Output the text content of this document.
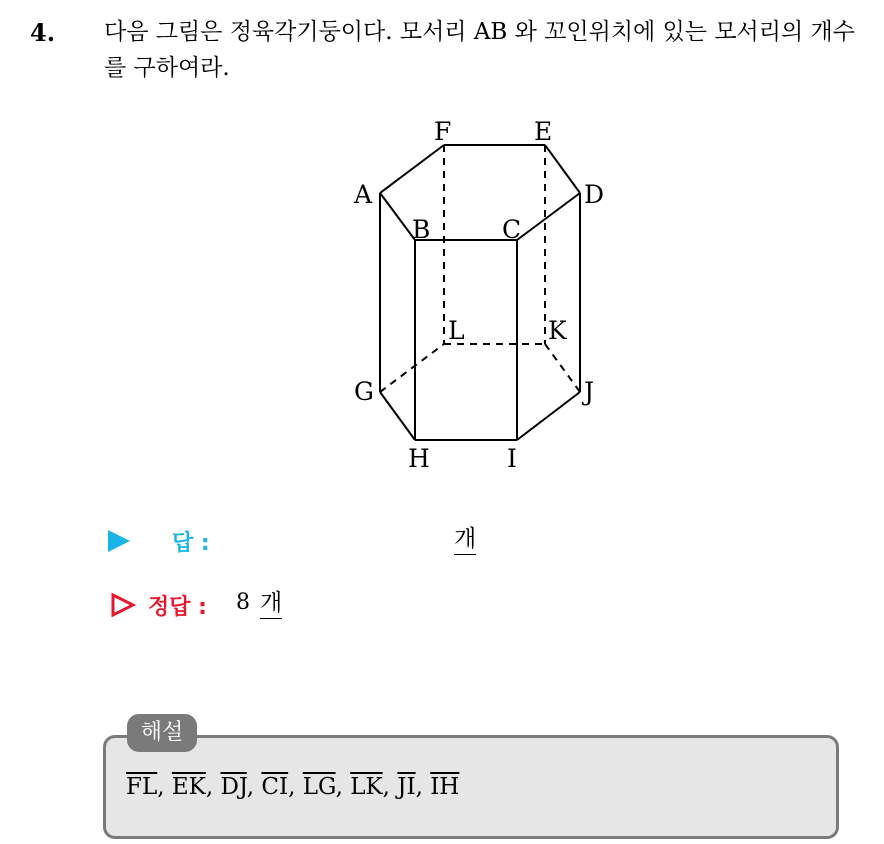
4. 다음 그림은 정육각기둥이다. 모서리 AB 와 꼬인위치에 있는 모서리의 개수를 구하여라.
F	E
A	D
B	C
L	K
G	J
H	I
답 :	개
정답 : 8 개
해설
$\overline{FL}$, $\overline{EK}$, $\overline{DJ}$, $\overline{CI}$, $\overline{LG}$, $\overline{LK}$, $\overline{JI}$, $\overline{IH}$
